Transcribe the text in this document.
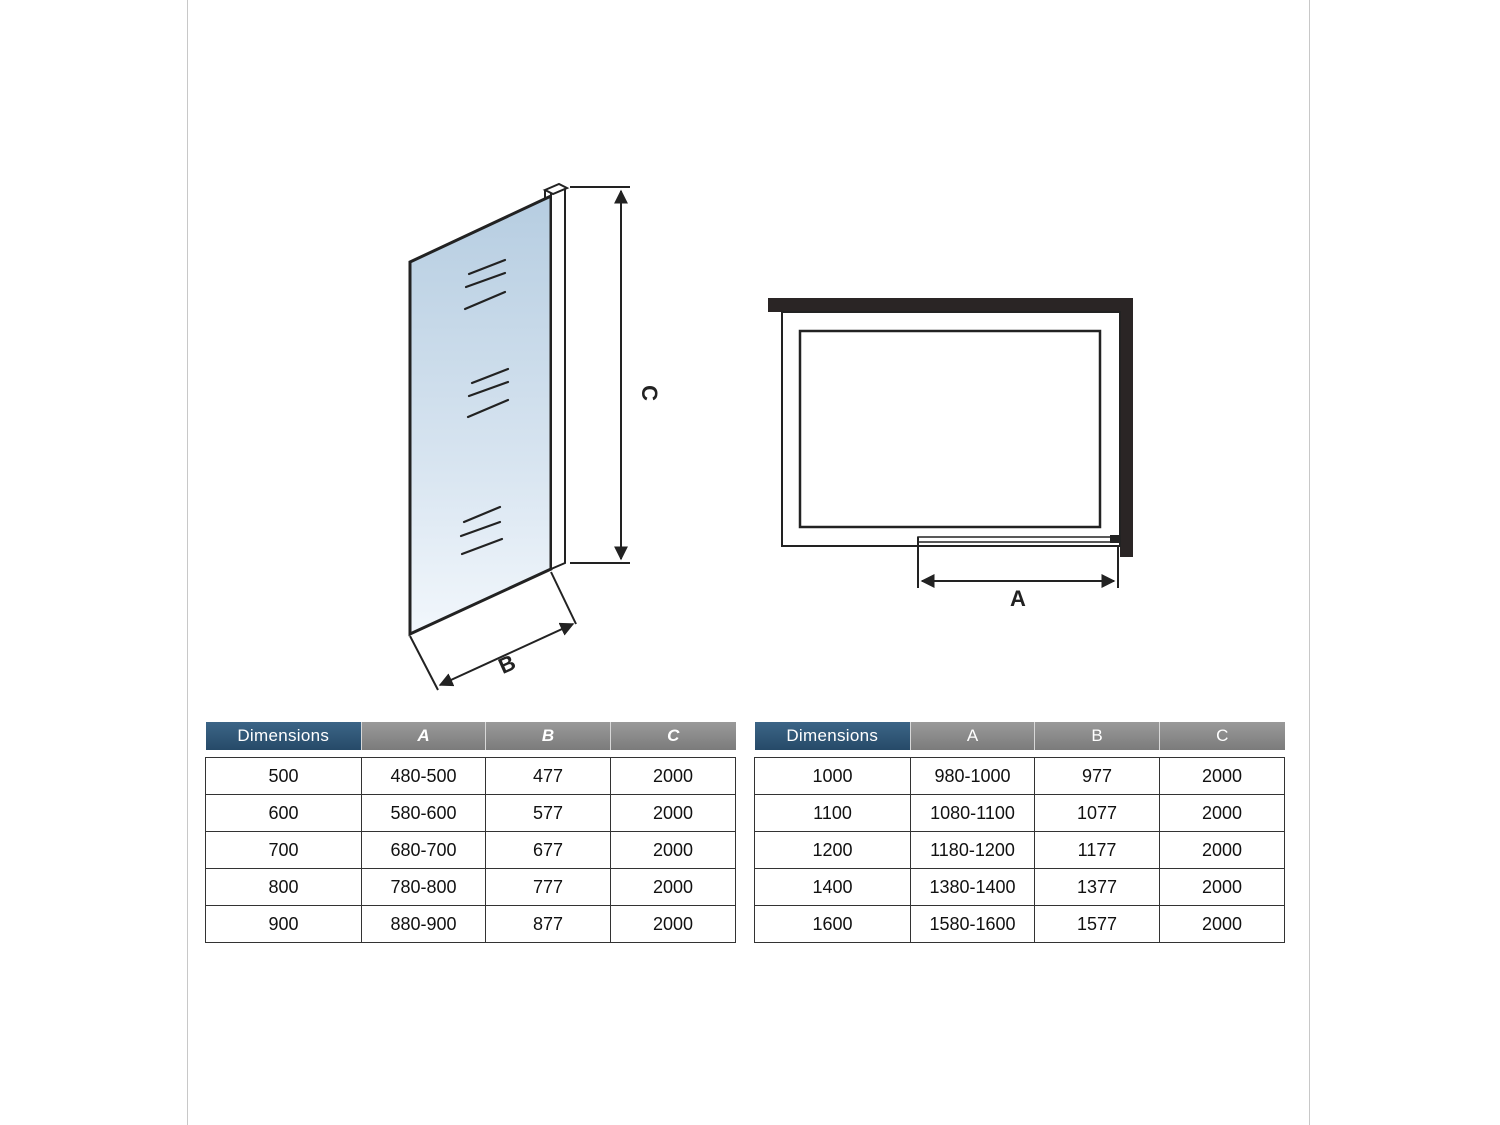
C
B
A
Dimensions	A	B	C

500	480-500	477	2000
600	580-600	577	2000
700	680-700	677	2000
800	780-800	777	2000
900	880-900	877	2000
Dimensions	A	B	C

1000	980-1000	977	2000
1100	1080-1100	1077	2000
1200	1180-1200	1177	2000
1400	1380-1400	1377	2000
1600	1580-1600	1577	2000
